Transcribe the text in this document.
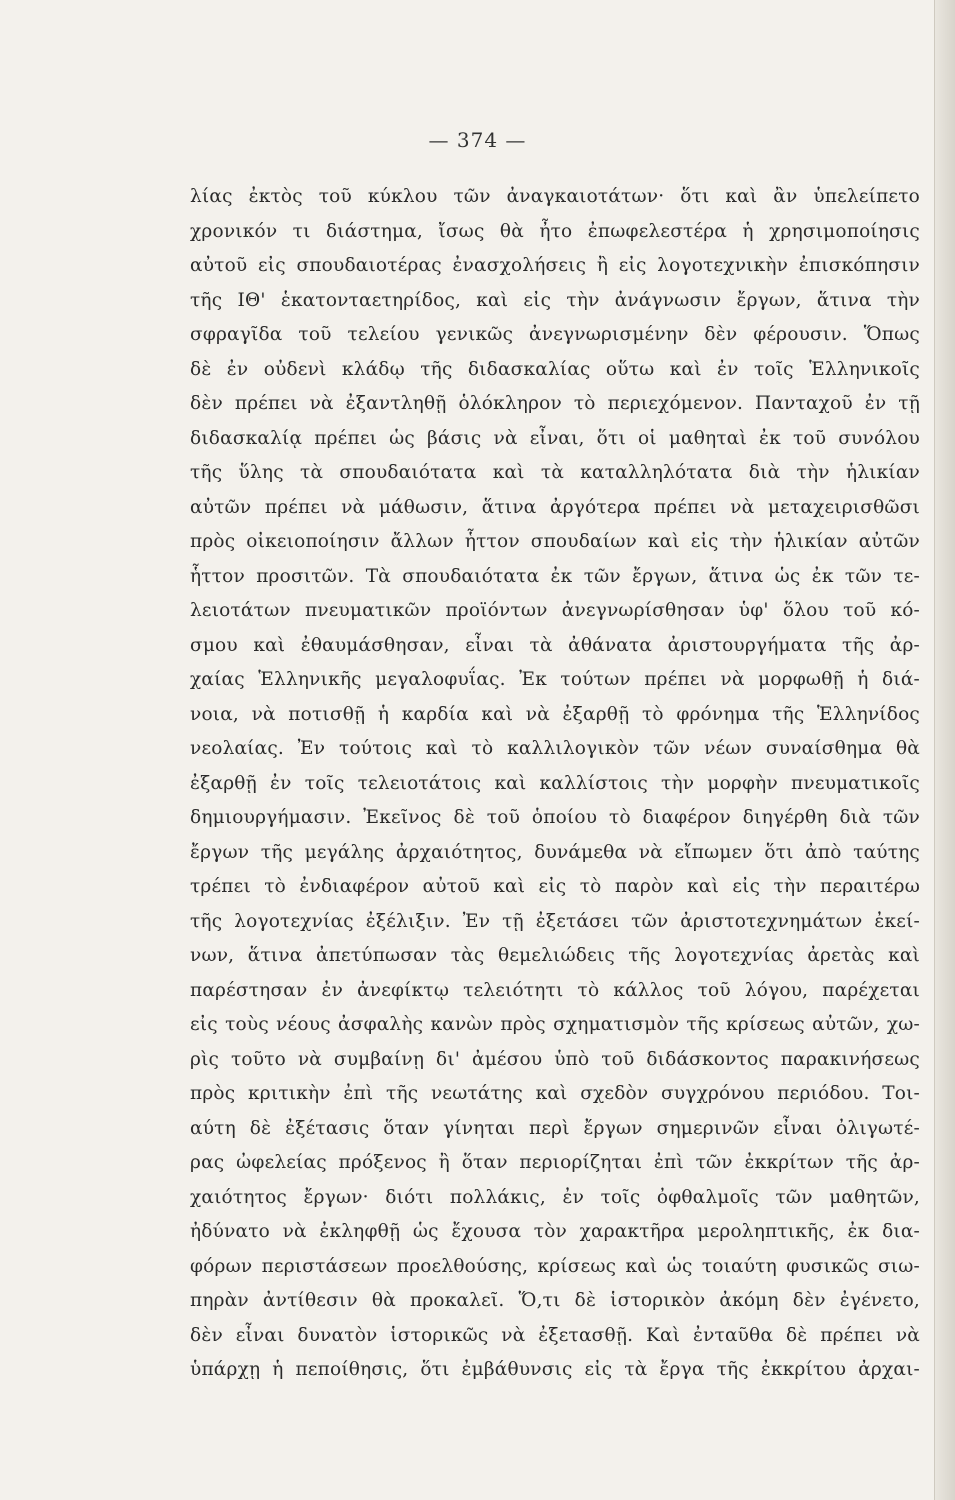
— 374 —
λίας ἐκτὸς τοῦ κύκλου τῶν ἀναγκαιοτάτων· ὅτι καὶ ἂν ὑπελείπετο
χρονικόν τι διάστημα, ἴσως θὰ ἦτο ἐπωφελεστέρα ἡ χρησιμοποίησις
αὐτοῦ εἰς σπουδαιοτέρας ἐνασχολήσεις ἢ εἰς λογοτεχνικὴν ἐπισκόπησιν
τῆς ΙΘ' ἑκατονταετηρίδος, καὶ εἰς τὴν ἀνάγνωσιν ἔργων, ἅτινα τὴν
σφραγῖδα τοῦ τελείου γενικῶς ἀνεγνωρισμένην δὲν φέρουσιν. Ὅπως
δὲ ἐν οὐδενὶ κλάδῳ τῆς διδασκαλίας οὕτω καὶ ἐν τοῖς Ἑλληνικοῖς
δὲν πρέπει νὰ ἐξαντληθῇ ὁλόκληρον τὸ περιεχόμενον. Πανταχοῦ ἐν τῇ
διδασκαλίᾳ πρέπει ὡς βάσις νὰ εἶναι, ὅτι οἱ μαθηταὶ ἐκ τοῦ συνόλου
τῆς ὕλης τὰ σπουδαιότατα καὶ τὰ καταλληλότατα διὰ τὴν ἡλικίαν
αὐτῶν πρέπει νὰ μάθωσιν, ἅτινα ἀργότερα πρέπει νὰ μεταχειρισθῶσι
πρὸς οἰκειοποίησιν ἄλλων ἧττον σπουδαίων καὶ εἰς τὴν ἡλικίαν αὐτῶν
ἧττον προσιτῶν. Τὰ σπουδαιότατα ἐκ τῶν ἔργων, ἅτινα ὡς ἐκ τῶν τε-
λειοτάτων πνευματικῶν προϊόντων ἀνεγνωρίσθησαν ὑφ' ὅλου τοῦ κό-
σμου καὶ ἐθαυμάσθησαν, εἶναι τὰ ἀθάνατα ἀριστουργήματα τῆς ἀρ-
χαίας Ἑλληνικῆς μεγαλοφυΐας. Ἐκ τούτων πρέπει νὰ μορφωθῇ ἡ διά-
νοια, νὰ ποτισθῇ ἡ καρδία καὶ νὰ ἐξαρθῇ τὸ φρόνημα τῆς Ἑλληνίδος
νεολαίας. Ἐν τούτοις καὶ τὸ καλλιλογικὸν τῶν νέων συναίσθημα θὰ
ἐξαρθῇ ἐν τοῖς τελειοτάτοις καὶ καλλίστοις τὴν μορφὴν πνευματικοῖς
δημιουργήμασιν. Ἐκεῖνος δὲ τοῦ ὁποίου τὸ διαφέρον διηγέρθη διὰ τῶν
ἔργων τῆς μεγάλης ἀρχαιότητος, δυνάμεθα νὰ εἴπωμεν ὅτι ἀπὸ ταύτης
τρέπει τὸ ἐνδιαφέρον αὐτοῦ καὶ εἰς τὸ παρὸν καὶ εἰς τὴν περαιτέρω
τῆς λογοτεχνίας ἐξέλιξιν. Ἐν τῇ ἐξετάσει τῶν ἀριστοτεχνημάτων ἐκεί-
νων, ἅτινα ἀπετύπωσαν τὰς θεμελιώδεις τῆς λογοτεχνίας ἀρετὰς καὶ
παρέστησαν ἐν ἀνεφίκτῳ τελειότητι τὸ κάλλος τοῦ λόγου, παρέχεται
εἰς τοὺς νέους ἀσφαλὴς κανὼν πρὸς σχηματισμὸν τῆς κρίσεως αὐτῶν, χω-
ρὶς τοῦτο νὰ συμβαίνῃ δι' ἀμέσου ὑπὸ τοῦ διδάσκοντος παρακινήσεως
πρὸς κριτικὴν ἐπὶ τῆς νεωτάτης καὶ σχεδὸν συγχρόνου περιόδου. Τοι-
αύτη δὲ ἐξέτασις ὅταν γίνηται περὶ ἔργων σημερινῶν εἶναι ὀλιγωτέ-
ρας ὠφελείας πρόξενος ἢ ὅταν περιορίζηται ἐπὶ τῶν ἐκκρίτων τῆς ἀρ-
χαιότητος ἔργων· διότι πολλάκις, ἐν τοῖς ὀφθαλμοῖς τῶν μαθητῶν,
ἠδύνατο νὰ ἐκληφθῇ ὡς ἔχουσα τὸν χαρακτῆρα μεροληπτικῆς, ἐκ δια-
φόρων περιστάσεων προελθούσης, κρίσεως καὶ ὡς τοιαύτη φυσικῶς σιω-
πηρὰν ἀντίθεσιν θὰ προκαλεῖ. Ὅ,τι δὲ ἱστορικὸν ἀκόμη δὲν ἐγένετο,
δὲν εἶναι δυνατὸν ἱστορικῶς νὰ ἐξετασθῇ. Καὶ ἐνταῦθα δὲ πρέπει νὰ
ὑπάρχῃ ἡ πεποίθησις, ὅτι ἐμβάθυνσις εἰς τὰ ἔργα τῆς ἐκκρίτου ἀρχαι-
